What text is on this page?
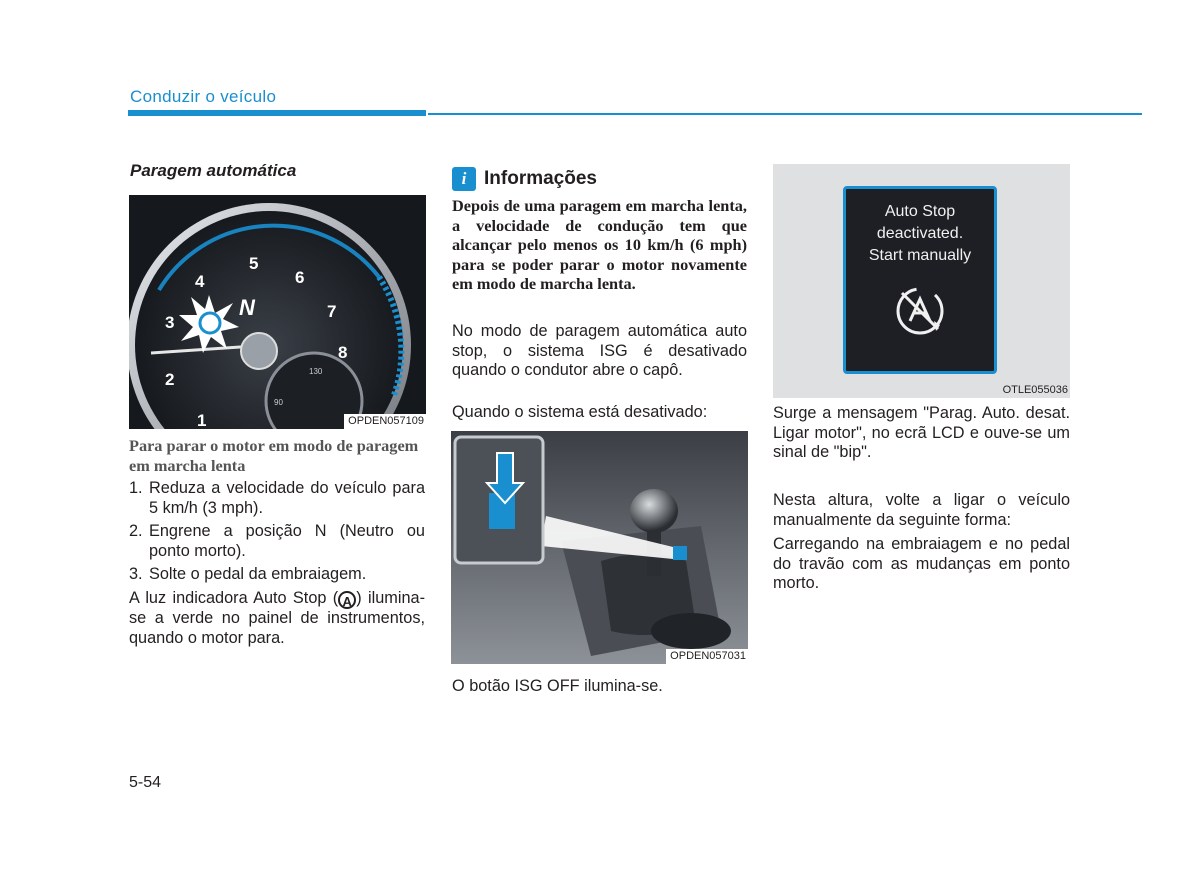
Conduzir o veículo
Paragem automática
1
2
3
4
5
6
7
8
130
90
N
OPDEN057109
Para parar o motor em modo de paragem em marcha lenta
1. Reduza a velocidade do veículo para 5 km/h (3 mph).
2. Engrene a posição N (Neutro ou ponto morto).
3. Solte o pedal da embraiagem.
A luz indicadora Auto Stop ( A ) ilumina-se a verde no painel de instrumentos, quando o motor para.
i Informações
Depois de uma paragem em marcha lenta, a velocidade de condução tem que alcançar pelo menos os 10 km/h (6 mph) para se poder parar o motor novamente em modo de marcha lenta.
No modo de paragem automática auto stop, o sistema ISG é desativado quando o condutor abre o capô.
Quando o sistema está desativado:
OPDEN057031
O botão ISG OFF ilumina-se.
Auto Stop
deactivated.
Start manually
OTLE055036
Surge a mensagem "Parag. Auto. desat. Ligar motor", no ecrã LCD e ouve-se um sinal de "bip".
Nesta altura, volte a ligar o veículo manualmente da seguinte forma:
Carregando na embraiagem e no pedal do travão com as mudanças em ponto morto.
5-54
